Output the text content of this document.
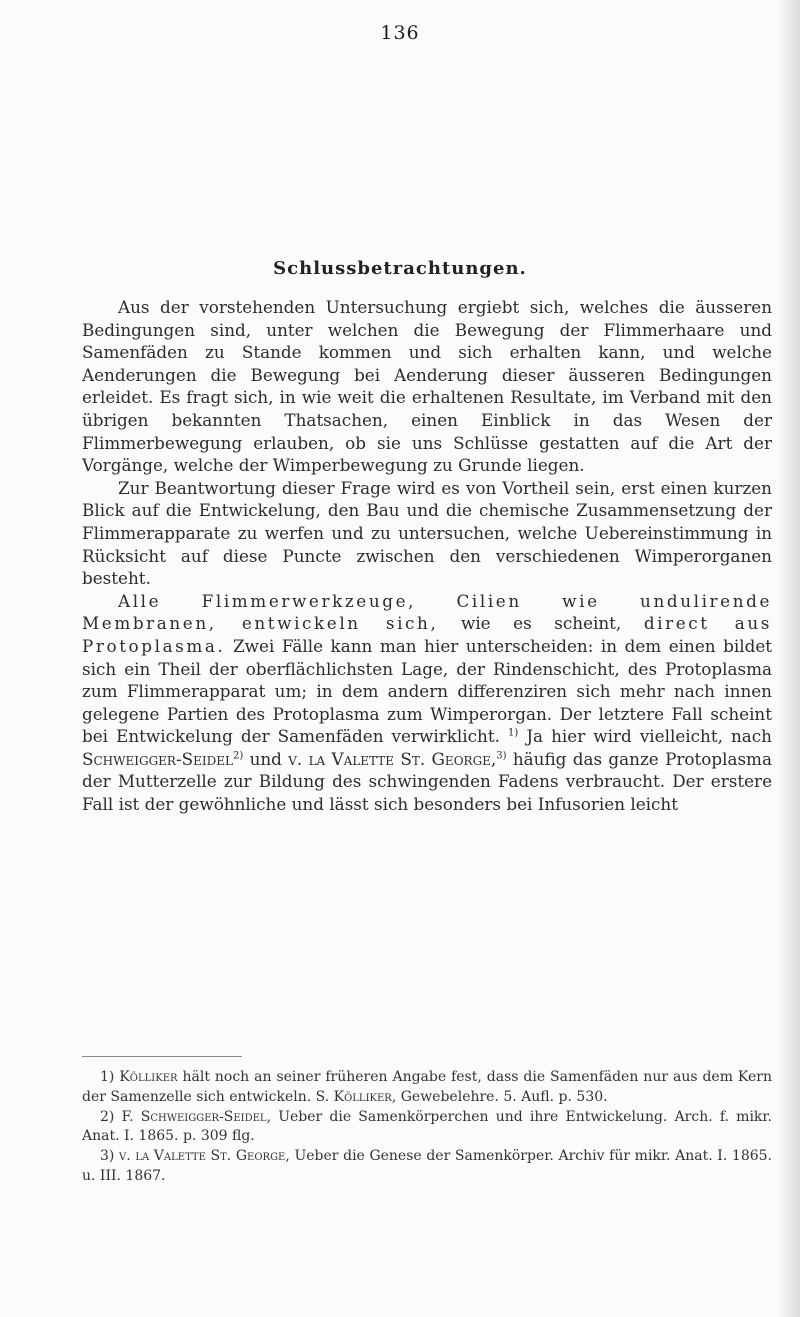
136
Schlussbetrachtungen.

Aus der vorstehenden Untersuchung ergiebt sich, welches die äusseren Bedingungen sind, unter welchen die Bewegung der Flimmerhaare und Samenfäden zu Stande kommen und sich erhalten kann, und welche Aenderungen die Bewegung bei Aenderung dieser äusseren Bedingungen erleidet. Es fragt sich, in wie weit die erhaltenen Resultate, im Verband mit den übrigen bekannten Thatsachen, einen Einblick in das Wesen der Flimmerbewegung erlauben, ob sie uns Schlüsse gestatten auf die Art der Vorgänge, welche der Wimperbewegung zu Grunde liegen.

Zur Beantwortung dieser Frage wird es von Vortheil sein, erst einen kurzen Blick auf die Entwickelung, den Bau und die chemische Zusammensetzung der Flimmerapparate zu werfen und zu untersuchen, welche Uebereinstimmung in Rücksicht auf diese Puncte zwischen den verschiedenen Wimperorganen besteht.

Alle Flimmerwerkzeuge, Cilien wie undulirende Membranen, entwickeln sich, wie es scheint, direct aus Protoplasma. Zwei Fälle kann man hier unterscheiden: in dem einen bildet sich ein Theil der oberflächlichsten Lage, der Rindenschicht, des Protoplasma zum Flimmerapparat um; in dem andern differenziren sich mehr nach innen gelegene Partien des Protoplasma zum Wimperorgan. Der letztere Fall scheint bei Entwickelung der Samenfäden verwirklicht. $^{1)}$ Ja hier wird vielleicht, nach Schweigger-Seidel$^{2)}$ und v. la Valette St. George,$^{3)}$ häufig das ganze Protoplasma der Mutterzelle zur Bildung des schwingenden Fadens verbraucht. Der erstere Fall ist der gewöhnliche und lässt sich besonders bei Infusorien leicht

1) Kölliker hält noch an seiner früheren Angabe fest, dass die Samenfäden nur aus dem Kern der Samenzelle sich entwickeln. S. Kölliker, Gewebelehre. 5. Aufl. p. 530.

2) F. Schweigger-Seidel, Ueber die Samenkörperchen und ihre Entwickelung. Arch. f. mikr. Anat. I. 1865. p. 309 flg.

3) v. la Valette St. George, Ueber die Genese der Samenkörper. Archiv für mikr. Anat. I. 1865. u. III. 1867.
